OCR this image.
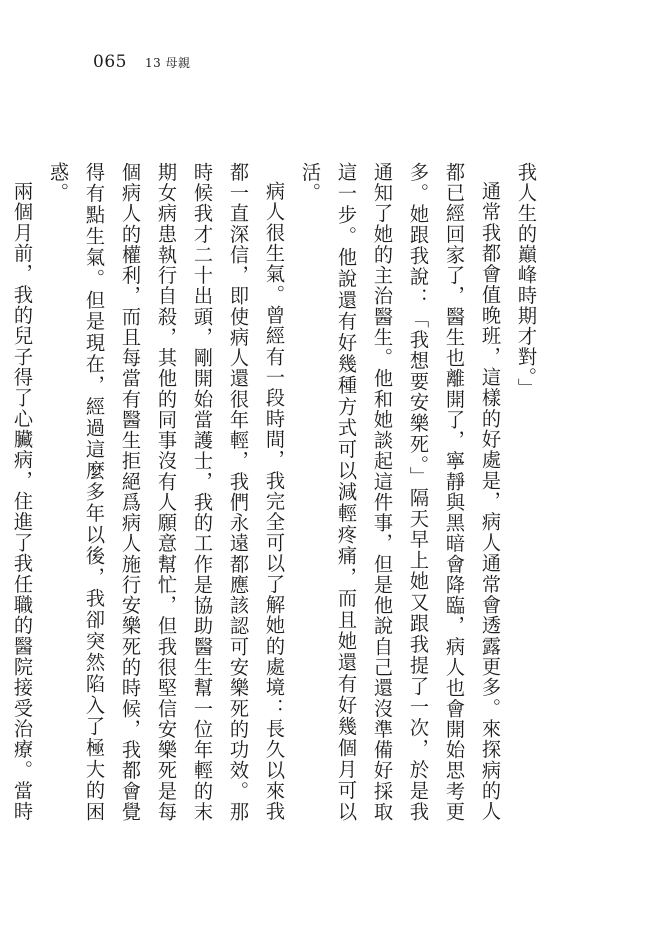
065 13 母親

我人生的巔峰時期才對。」

通常我都會值晚班，這樣的好處是，病人通常會透露更多。來探病的人都已經回家了，醫生也離開了，寧靜與黑暗會降臨，病人也會開始思考更多。她跟我說：「我想要安樂死。」隔天早上她又跟我提了一次，於是我通知了她的主治醫生。他和她談起這件事，但是他說自己還沒準備好採取這一步。他說還有好幾種方式可以減輕疼痛，而且她還有好幾個月可以活。

病人很生氣。曾經有一段時間，我完全可以了解她的處境：長久以來我都一直深信，即使病人還很年輕，我們永遠都應該認可安樂死的功效。那時候我才二十出頭，剛開始當護士，我的工作是協助醫生幫一位年輕的末期女病患執行自殺，其他的同事沒有人願意幫忙，但我很堅信安樂死是每個病人的權利，而且每當有醫生拒絕爲病人施行安樂死的時候，我都會覺得有點生氣。但是現在，經過這麼多年以後，我卻突然陷入了極大的困惑。

兩個月前，我的兒子得了心臟病，住進了我任職的醫院接受治療。當時
